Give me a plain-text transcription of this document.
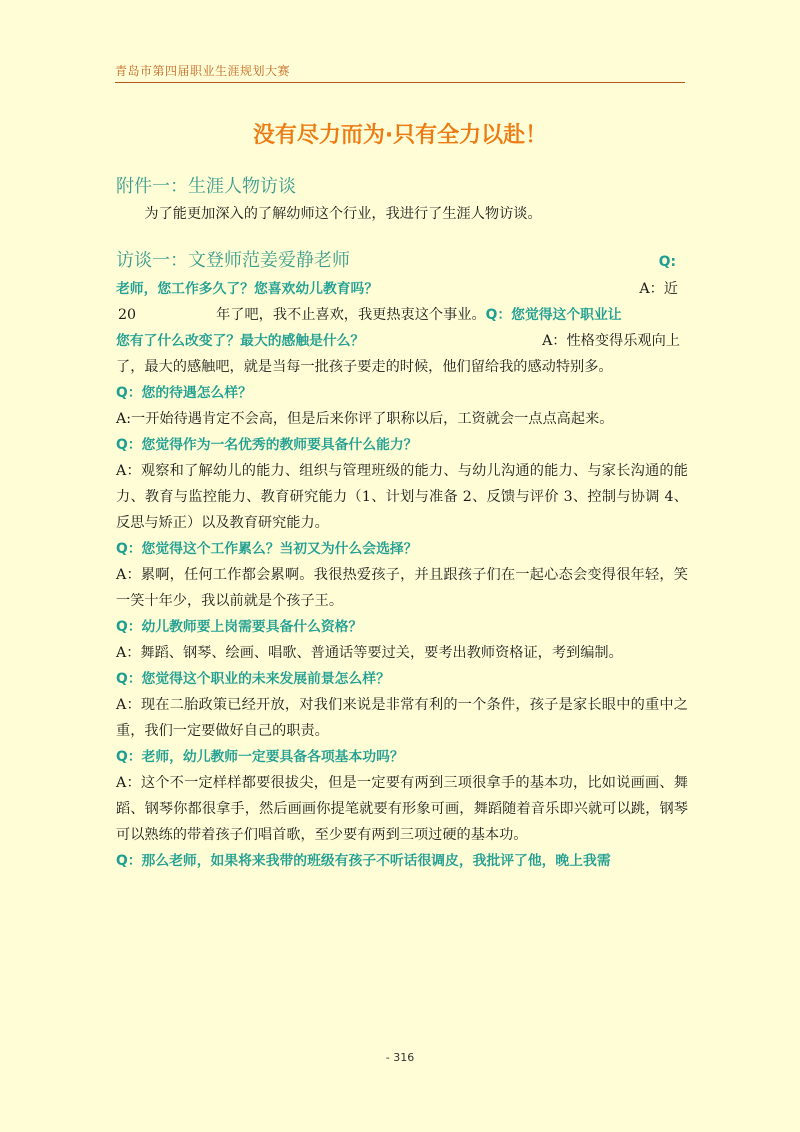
青岛市第四届职业生涯规划大赛
没有尽力而为·只有全力以赴！

附件一：生涯人物访谈

为了能更加深入的了解幼师这个行业，我进行了生涯人物访谈。

访谈一：文登师范姜爱静老师	Q:
老师，您工作多久了？您喜欢幼儿教育吗？	A：近
20	年了吧，我不止喜欢，我更热衷这个事业。Q：您觉得这个职业让
您有了什么改变了？最大的感触是什么？	A：性格变得乐观向上

了，最大的感触吧，就是当每一批孩子要走的时候，他们留给我的感动特别多。

Q：您的待遇怎么样？

A:一开始待遇肯定不会高，但是后来你评了职称以后，工资就会一点点高起来。

Q：您觉得作为一名优秀的教师要具备什么能力？

A：观察和了解幼儿的能力、组织与管理班级的能力、与幼儿沟通的能力、与家长沟通的能力、教育与监控能力、教育研究能力（1、计划与准备 2、反馈与评价 3、控制与协调 4、反思与矫正）以及教育研究能力。

Q：您觉得这个工作累么？当初又为什么会选择？

A：累啊，任何工作都会累啊。我很热爱孩子，并且跟孩子们在一起心态会变得很年轻，笑一笑十年少，我以前就是个孩子王。

Q：幼儿教师要上岗需要具备什么资格？

A：舞蹈、钢琴、绘画、唱歌、普通话等要过关，要考出教师资格证，考到编制。

Q：您觉得这个职业的未来发展前景怎么样？

A：现在二胎政策已经开放，对我们来说是非常有利的一个条件，孩子是家长眼中的重中之重，我们一定要做好自己的职责。

Q：老师，幼儿教师一定要具备各项基本功吗？

A：这个不一定样样都要很拔尖，但是一定要有两到三项很拿手的基本功，比如说画画、舞蹈、钢琴你都很拿手，然后画画你提笔就要有形象可画，舞蹈随着音乐即兴就可以跳，钢琴可以熟练的带着孩子们唱首歌，至少要有两到三项过硬的基本功。

Q：那么老师，如果将来我带的班级有孩子不听话很调皮，我批评了他，晚上我需

- 316
